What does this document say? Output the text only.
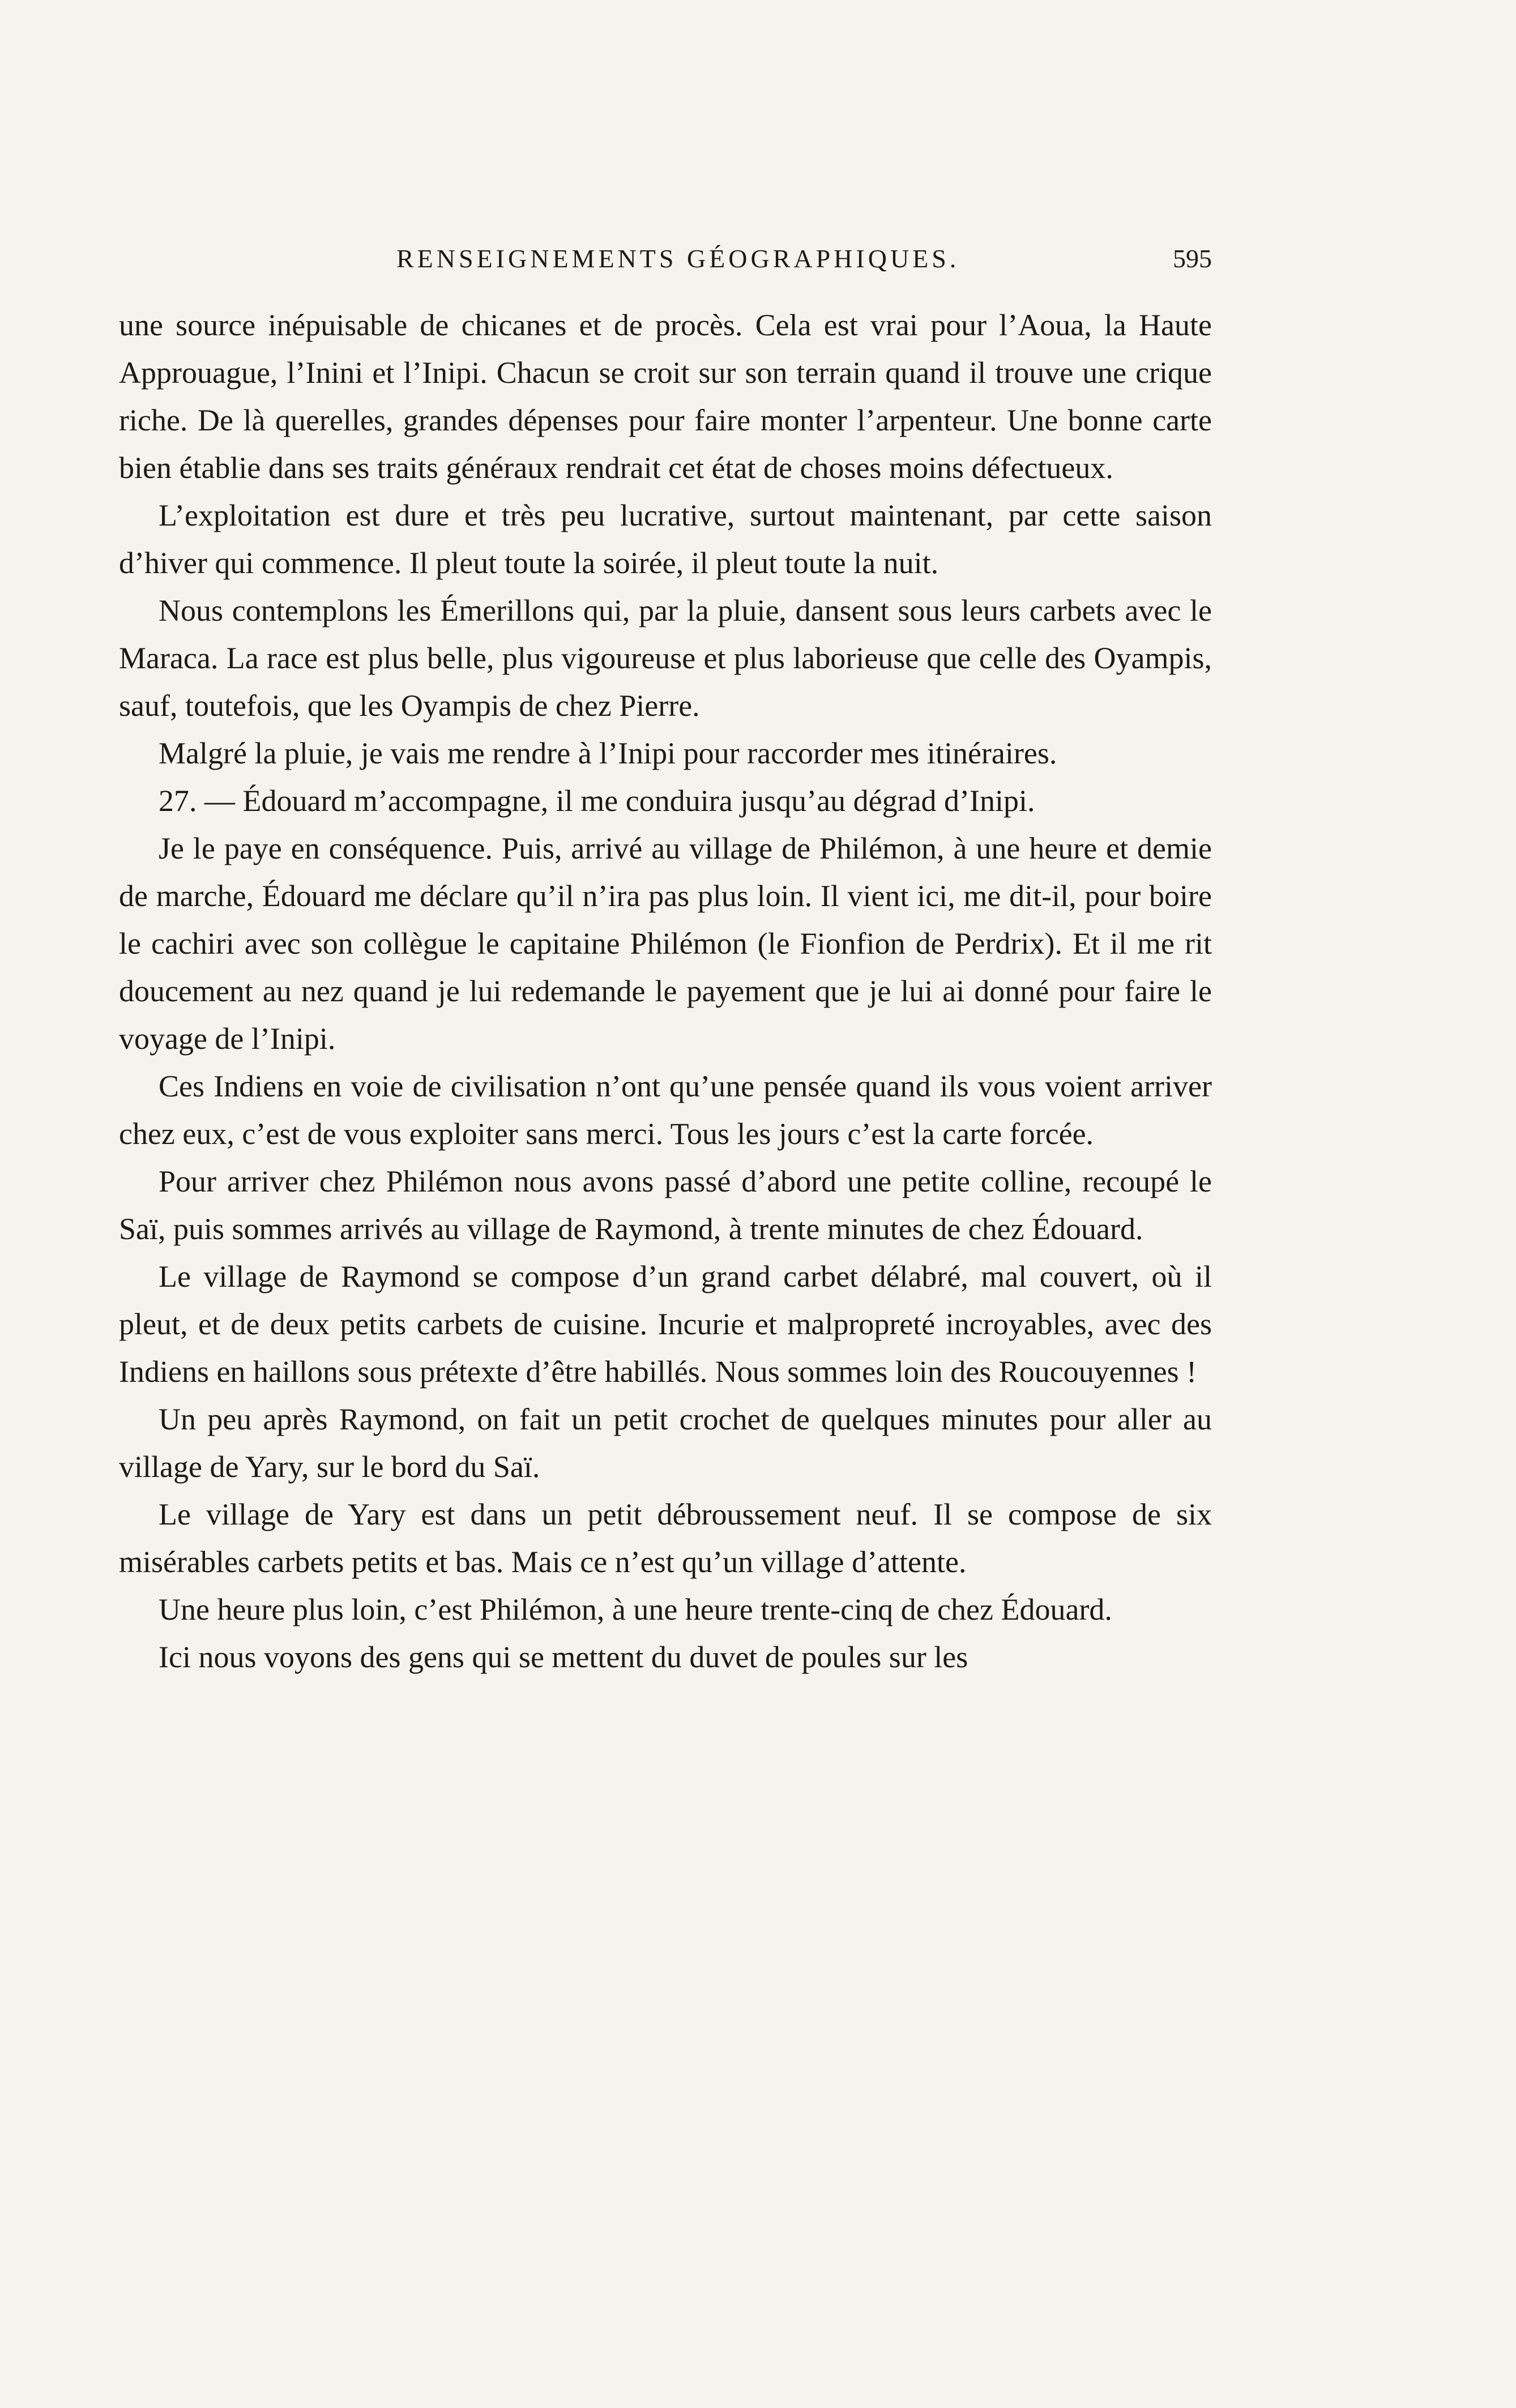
RENSEIGNEMENTS GÉOGRAPHIQUES.	595

une source inépuisable de chicanes et de procès. Cela est vrai pour l’Aoua, la Haute Approuague, l’Inini et l’Inipi. Chacun se croit sur son terrain quand il trouve une crique riche. De là querelles, grandes dépenses pour faire monter l’arpenteur. Une bonne carte bien établie dans ses traits généraux rendrait cet état de choses moins défectueux.

L’exploitation est dure et très peu lucrative, surtout maintenant, par cette saison d’hiver qui commence. Il pleut toute la soirée, il pleut toute la nuit.

Nous contemplons les Émerillons qui, par la pluie, dansent sous leurs carbets avec le Maraca. La race est plus belle, plus vigoureuse et plus laborieuse que celle des Oyampis, sauf, toutefois, que les Oyampis de chez Pierre.

Malgré la pluie, je vais me rendre à l’Inipi pour raccorder mes itinéraires.

27. — Édouard m’accompagne, il me conduira jusqu’au dégrad d’Inipi.

Je le paye en conséquence. Puis, arrivé au village de Philémon, à une heure et demie de marche, Édouard me déclare qu’il n’ira pas plus loin. Il vient ici, me dit-il, pour boire le cachiri avec son collègue le capitaine Philémon (le Fionfion de Perdrix). Et il me rit doucement au nez quand je lui redemande le payement que je lui ai donné pour faire le voyage de l’Inipi.

Ces Indiens en voie de civilisation n’ont qu’une pensée quand ils vous voient arriver chez eux, c’est de vous exploiter sans merci. Tous les jours c’est la carte forcée.

Pour arriver chez Philémon nous avons passé d’abord une petite colline, recoupé le Saï, puis sommes arrivés au village de Raymond, à trente minutes de chez Édouard.

Le village de Raymond se compose d’un grand carbet délabré, mal couvert, où il pleut, et de deux petits carbets de cuisine. Incurie et malpropreté incroyables, avec des Indiens en haillons sous prétexte d’être habillés. Nous sommes loin des Roucouyennes !

Un peu après Raymond, on fait un petit crochet de quelques minutes pour aller au village de Yary, sur le bord du Saï.

Le village de Yary est dans un petit débroussement neuf. Il se compose de six misérables carbets petits et bas. Mais ce n’est qu’un village d’attente.

Une heure plus loin, c’est Philémon, à une heure trente-cinq de chez Édouard.

Ici nous voyons des gens qui se mettent du duvet de poules sur les
